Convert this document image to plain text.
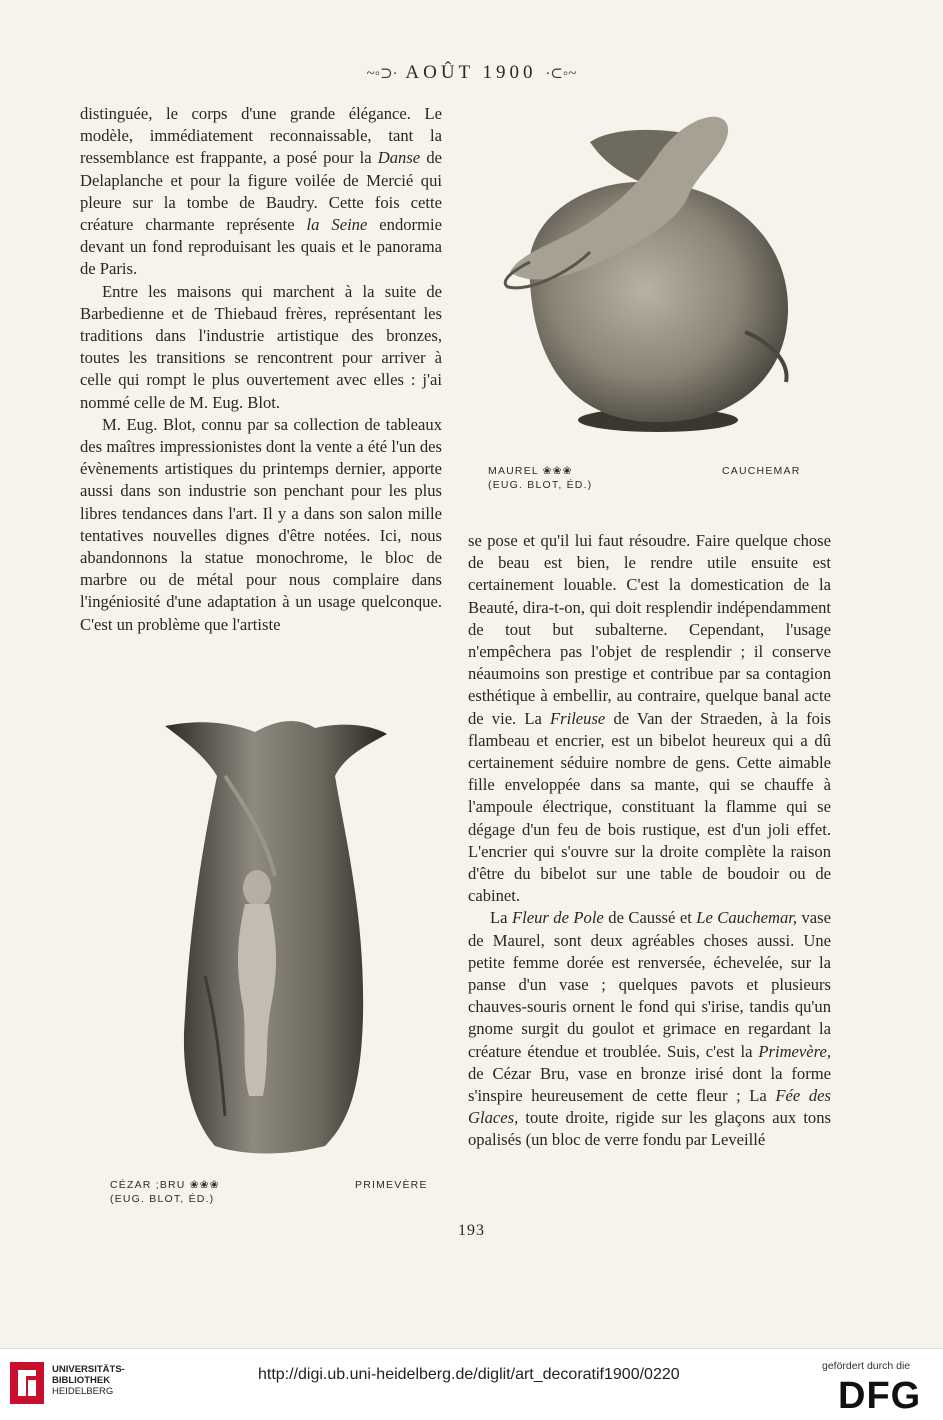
~◦⊃· AOÛT 1900 ·⊂◦~

distinguée, le corps d'une grande élégance. Le modèle, immédiatement reconnaissable, tant la ressemblance est frappante, a posé pour la Danse de Delaplanche et pour la figure voilée de Mercié qui pleure sur la tombe de Baudry. Cette fois cette créature charmante représente la Seine endormie devant un fond reproduisant les quais et le panorama de Paris.

Entre les maisons qui marchent à la suite de Barbedienne et de Thiebaud frères, représentant les traditions dans l'industrie artistique des bronzes, toutes les transitions se rencontrent pour arriver à celle qui rompt le plus ouvertement avec elles : j'ai nommé celle de M. Eug. Blot.

M. Eug. Blot, connu par sa collection de tableaux des maîtres impressionistes dont la vente a été l'un des évènements artistiques du printemps dernier, apporte aussi dans son industrie son penchant pour les plus libres tendances dans l'art. Il y a dans son salon mille tentatives nouvelles dignes d'être notées. Ici, nous abandonnons la statue monochrome, le bloc de marbre ou de métal pour nous complaire dans l'ingéniosité d'une adaptation à un usage quelconque. C'est un problème que l'artiste

MAUREL ❀❀❀
(EUG. BLOT, ÉD.)
CAUCHEMAR
CÉZAR ;BRU ❀❀❀
(EUG. BLOT, ÉD.)
PRIMEVÈRE

se pose et qu'il lui faut résoudre. Faire quelque chose de beau est bien, le rendre utile ensuite est certainement louable. C'est la domestication de la Beauté, dira-t-on, qui doit resplendir indépendamment de tout but subalterne. Cependant, l'usage n'empêchera pas l'objet de resplendir ; il conserve néaumoins son prestige et contribue par sa contagion esthétique à embellir, au contraire, quelque banal acte de vie. La Frileuse de Van der Straeden, à la fois flambeau et encrier, est un bibelot heureux qui a dû certainement séduire nombre de gens. Cette aimable fille enveloppée dans sa mante, qui se chauffe à l'ampoule électrique, constituant la flamme qui se dégage d'un feu de bois rustique, est d'un joli effet. L'encrier qui s'ouvre sur la droite complète la raison d'être du bibelot sur une table de boudoir ou de cabinet.

La Fleur de Pole de Caussé et Le Cauchemar, vase de Maurel, sont deux agréables choses aussi. Une petite femme dorée est renversée, échevelée, sur la panse d'un vase ; quelques pavots et plusieurs chauves-souris ornent le fond qui s'irise, tandis qu'un gnome surgit du goulot et grimace en regardant la créature étendue et troublée. Suis, c'est la Primevère, de Cézar Bru, vase en bronze irisé dont la forme s'inspire heureusement de cette fleur ; La Fée des Glaces, toute droite, rigide sur les glaçons aux tons opalisés (un bloc de verre fondu par Leveillé

193
UNIVERSITÄTS-
BIBLIOTHEK
HEIDELBERG
http://digi.ub.uni-heidelberg.de/diglit/art_decoratif1900/0220	gefördert durch die
DFG
